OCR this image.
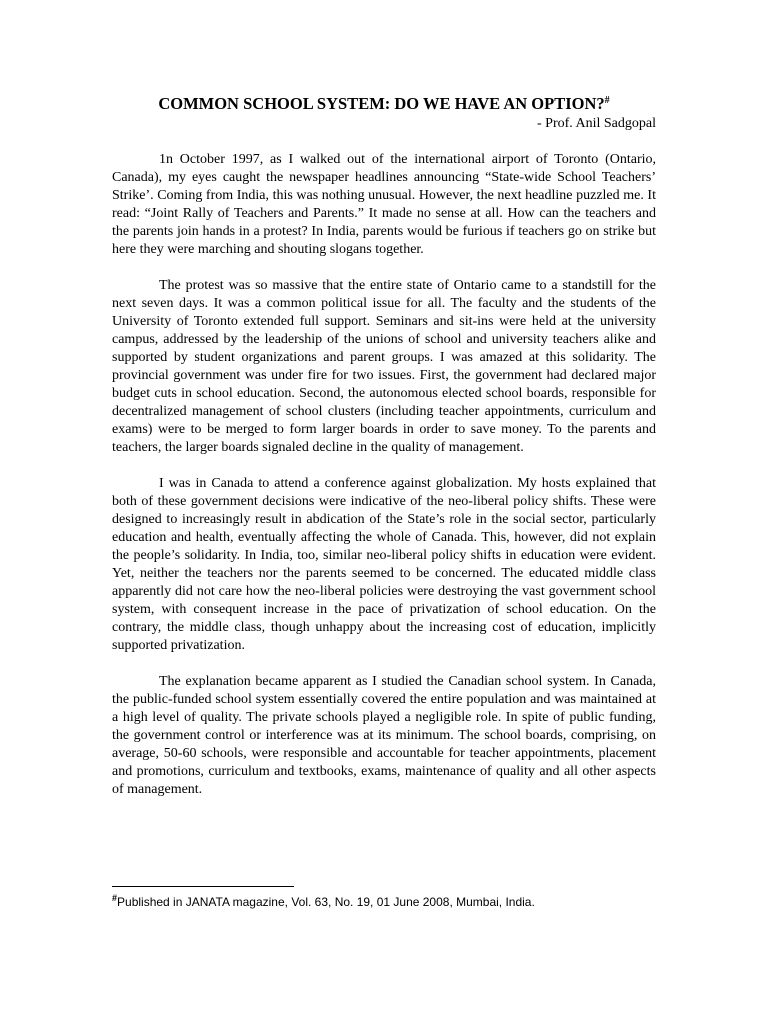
COMMON SCHOOL SYSTEM: DO WE HAVE AN OPTION?#

- Prof. Anil Sadgopal

1n October 1997, as I walked out of the international airport of Toronto (Ontario, Canada), my eyes caught the newspaper headlines announcing “State-wide School Teachers’ Strike’. Coming from India, this was nothing unusual. However, the next headline puzzled me. It read: “Joint Rally of Teachers and Parents.” It made no sense at all. How can the teachers and the parents join hands in a protest? In India, parents would be furious if teachers go on strike but here they were marching and shouting slogans together.

The protest was so massive that the entire state of Ontario came to a standstill for the next seven days. It was a common political issue for all. The faculty and the students of the University of Toronto extended full support. Seminars and sit-ins were held at the university campus, addressed by the leadership of the unions of school and university teachers alike and supported by student organizations and parent groups. I was amazed at this solidarity. The provincial government was under fire for two issues. First, the government had declared major budget cuts in school education. Second, the autonomous elected school boards, responsible for decentralized management of school clusters (including teacher appointments, curriculum and exams) were to be merged to form larger boards in order to save money. To the parents and teachers, the larger boards signaled decline in the quality of management.

I was in Canada to attend a conference against globalization. My hosts explained that both of these government decisions were indicative of the neo-liberal policy shifts. These were designed to increasingly result in abdication of the State’s role in the social sector, particularly education and health, eventually affecting the whole of Canada. This, however, did not explain the people’s solidarity. In India, too, similar neo-liberal policy shifts in education were evident. Yet, neither the teachers nor the parents seemed to be concerned. The educated middle class apparently did not care how the neo-liberal policies were destroying the vast government school system, with consequent increase in the pace of privatization of school education. On the contrary, the middle class, though unhappy about the increasing cost of education, implicitly supported privatization.

The explanation became apparent as I studied the Canadian school system. In Canada, the public-funded school system essentially covered the entire population and was maintained at a high level of quality. The private schools played a negligible role. In spite of public funding, the government control or interference was at its minimum. The school boards, comprising, on average, 50-60 schools, were responsible and accountable for teacher appointments, placement and promotions, curriculum and textbooks, exams, maintenance of quality and all other aspects of management.

#Published in JANATA magazine, Vol. 63, No. 19, 01 June 2008, Mumbai, India.
